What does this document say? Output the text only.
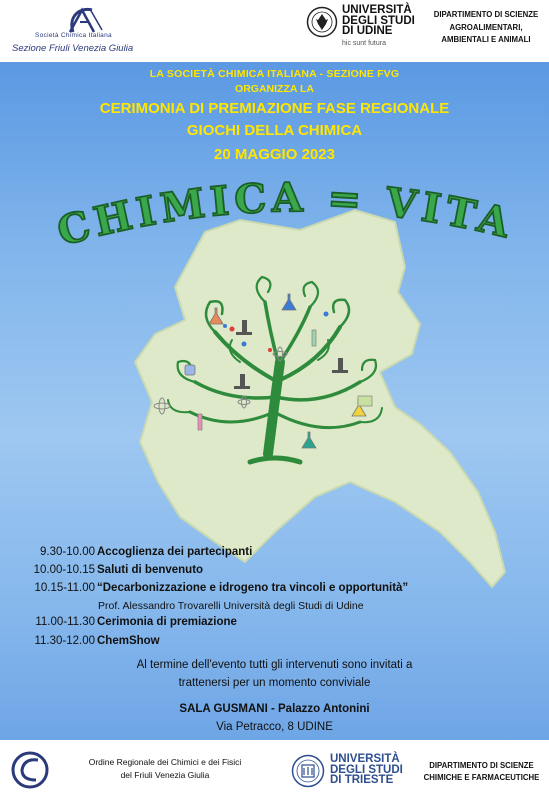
Società Chimica Italiana
Sezione Friuli Venezia Giulia
UNIVERSITÀ
DEGLI STUDI
DI UDINE
hic sunt futura
DIPARTIMENTO DI SCIENZE
AGROALIMENTARI,
AMBIENTALI E ANIMALI
LA SOCIETÀ CHIMICA ITALIANA - SEZIONE FVG
ORGANIZZA LA
CERIMONIA DI PREMIAZIONE FASE REGIONALE
GIOCHI DELLA CHIMICA
20 MAGGIO 2023
CHIMICA = VITA
9.30-10.00 Accoglienza dei partecipanti
10.00-10.15 Saluti di benvenuto
10.15-11.00 “Decarbonizzazione e idrogeno tra vincoli e opportunità”
Prof. Alessandro Trovarelli Università degli Studi di Udine
11.00-11.30 Cerimonia di premiazione
11.30-12.00 ChemShow
Al termine dell'evento tutti gli intervenuti sono invitati a
trattenersi per un momento conviviale
SALA GUSMANI - Palazzo Antonini
Via Petracco, 8 UDINE
Ordine Regionale dei Chimici e dei Fisici
del Friuli Venezia Giulia
UNIVERSITÀ
DEGLI STUDI
DI TRIESTE
DIPARTIMENTO DI SCIENZE
CHIMICHE E FARMACEUTICHE
